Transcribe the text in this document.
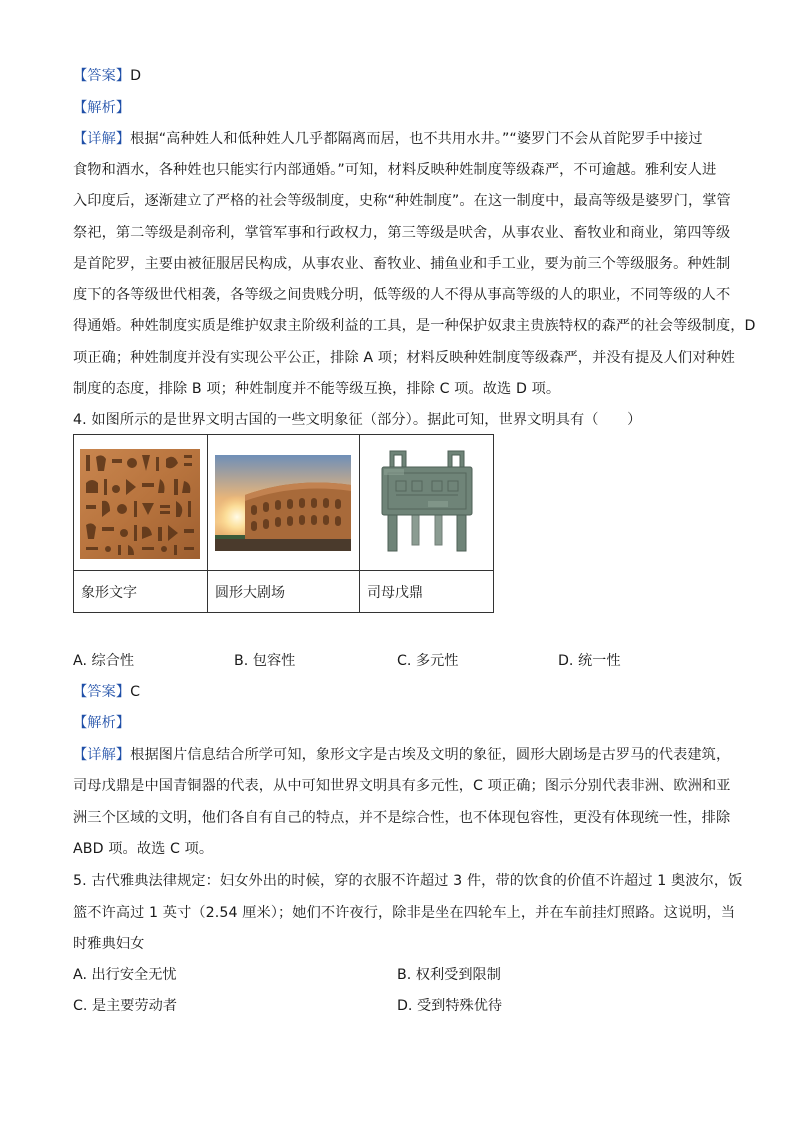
【答案】D
【解析】
【详解】根据“高种姓人和低种姓人几乎都隔离而居，也不共用水井。”“婆罗门不会从首陀罗手中接过
食物和酒水，各种姓也只能实行内部通婚。”可知，材料反映种姓制度等级森严，不可逾越。雅利安人进
入印度后，逐渐建立了严格的社会等级制度，史称“种姓制度”。在这一制度中，最高等级是婆罗门，掌管
祭祀，第二等级是刹帝利，掌管军事和行政权力，第三等级是吠舍，从事农业、畜牧业和商业，第四等级
是首陀罗，主要由被征服居民构成，从事农业、畜牧业、捕鱼业和手工业，要为前三个等级服务。种姓制
度下的各等级世代相袭，各等级之间贵贱分明，低等级的人不得从事高等级的人的职业，不同等级的人不
得通婚。种姓制度实质是维护奴隶主阶级利益的工具，是一种保护奴隶主贵族特权的森严的社会等级制度，D
项正确；种姓制度并没有实现公平公正，排除 A 项；材料反映种姓制度等级森严，并没有提及人们对种姓
制度的态度，排除 B 项；种姓制度并不能等级互换，排除 C 项。故选 D 项。
4. 如图所示的是世界文明古国的一些文明象征（部分）。据此可知，世界文明具有（　　）

象形文字	圆形大剧场	司母戊鼎
A. 综合性	B. 包容性	C. 多元性	D. 统一性
【答案】C
【解析】
【详解】根据图片信息结合所学可知，象形文字是古埃及文明的象征，圆形大剧场是古罗马的代表建筑，
司母戊鼎是中国青铜器的代表，从中可知世界文明具有多元性，C 项正确；图示分别代表非洲、欧洲和亚
洲三个区域的文明，他们各自有自己的特点，并不是综合性，也不体现包容性，更没有体现统一性，排除
ABD 项。故选 C 项。
5. 古代雅典法律规定：妇女外出的时候，穿的衣服不许超过 3 件，带的饮食的价值不许超过 1 奥波尔，饭
篮不许高过 1 英寸（2.54 厘米）；她们不许夜行，除非是坐在四轮车上，并在车前挂灯照路。这说明，当
时雅典妇女
A. 出行安全无忧	B. 权利受到限制
C. 是主要劳动者	D. 受到特殊优待
